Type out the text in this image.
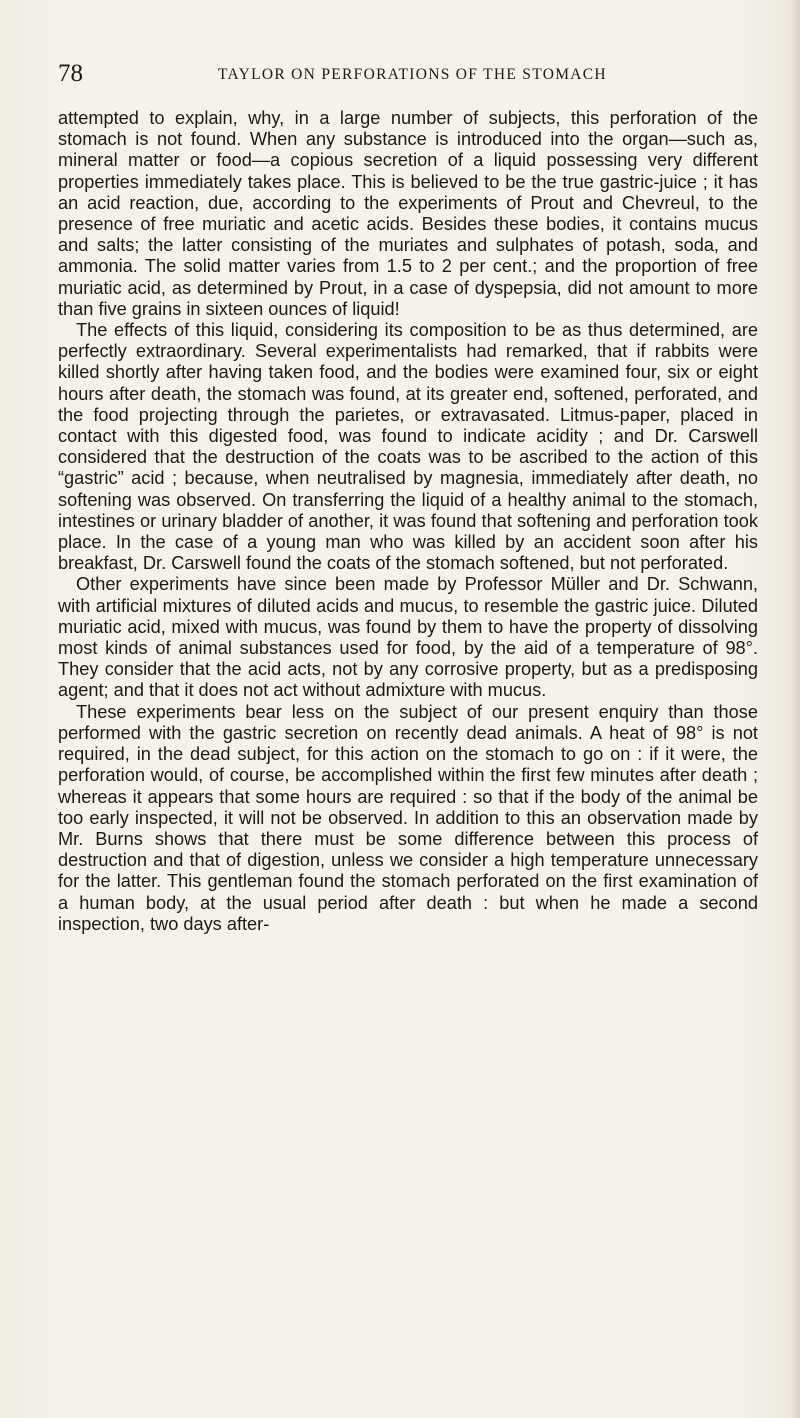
78	TAYLOR ON PERFORATIONS OF THE STOMACH

attempted to explain, why, in a large number of subjects, this perforation of the stomach is not found. When any substance is introduced into the organ—such as, mineral matter or food—a copious secretion of a liquid possessing very different properties immediately takes place. This is believed to be the true gastric-juice ; it has an acid reaction, due, according to the experiments of Prout and Chevreul, to the presence of free muriatic and acetic acids. Besides these bodies, it contains mucus and salts; the latter consisting of the muriates and sulphates of potash, soda, and ammonia. The solid matter varies from 1.5 to 2 per cent.; and the proportion of free muriatic acid, as determined by Prout, in a case of dyspepsia, did not amount to more than five grains in sixteen ounces of liquid!

The effects of this liquid, considering its composition to be as thus determined, are perfectly extraordinary. Several experimentalists had remarked, that if rabbits were killed shortly after having taken food, and the bodies were examined four, six or eight hours after death, the stomach was found, at its greater end, softened, perforated, and the food projecting through the parietes, or extravasated. Litmus-paper, placed in contact with this digested food, was found to indicate acidity ; and Dr. Carswell considered that the destruction of the coats was to be ascribed to the action of this “gastric” acid ; because, when neutralised by magnesia, immediately after death, no softening was observed. On transferring the liquid of a healthy animal to the stomach, intestines or urinary bladder of another, it was found that softening and perforation took place. In the case of a young man who was killed by an accident soon after his breakfast, Dr. Carswell found the coats of the stomach softened, but not perforated.

Other experiments have since been made by Professor Müller and Dr. Schwann, with artificial mixtures of diluted acids and mucus, to resemble the gastric juice. Diluted muriatic acid, mixed with mucus, was found by them to have the property of dissolving most kinds of animal substances used for food, by the aid of a temperature of 98°. They consider that the acid acts, not by any corrosive property, but as a predisposing agent; and that it does not act without admixture with mucus.

These experiments bear less on the subject of our present enquiry than those performed with the gastric secretion on recently dead animals. A heat of 98° is not required, in the dead subject, for this action on the stomach to go on : if it were, the perforation would, of course, be accomplished within the first few minutes after death ; whereas it appears that some hours are required : so that if the body of the animal be too early inspected, it will not be observed. In addition to this an observation made by Mr. Burns shows that there must be some difference between this process of destruction and that of digestion, unless we consider a high temperature unnecessary for the latter. This gentleman found the stomach perforated on the first examination of a human body, at the usual period after death : but when he made a second inspection, two days after-
